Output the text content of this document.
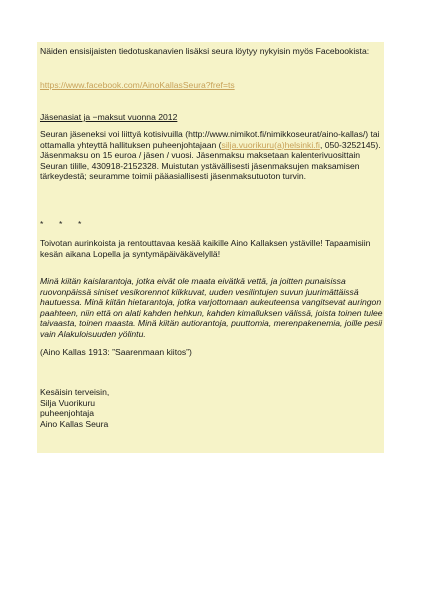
Näiden ensisijaisten tiedotuskanavien lisäksi seura löytyy nykyisin myös Facebookista:

https://www.facebook.com/AinoKallasSeura?fref=ts

Jäsenasiat ja −maksut vuonna 2012

Seuran jäseneksi voi liittyä kotisivuilla (http://www.nimikot.fi/nimikkoseurat/aino-kallas/) tai ottamalla yhteyttä hallituksen puheenjohtajaan (silja.vuorikuru(a)helsinki.fi, 050-3252145). Jäsenmaksu on 15 euroa / jäsen / vuosi. Jäsenmaksu maksetaan kalenterivuosittain Seuran tilille, 430918-2152328. Muistutan ystävällisesti jäsenmaksujen maksamisen tärkeydestä; seuramme toimii pääasiallisesti jäsenmaksutuoton turvin.

* * *

Toivotan aurinkoista ja rentouttavaa kesää kaikille Aino Kallaksen ystäville! Tapaamisiin kesän aikana Lopella ja syntymäpäiväkävelyllä!

Minä kiitän kaislarantoja, jotka eivät ole maata eivätkä vettä, ja joitten punaisissa ruovonpäissä siniset vesikorennot kiikkuvat, uuden vesilintujen suvun juurimättäissä hautuessa. Minä kiitän hietarantoja, jotka varjottomaan aukeuteensa vangitsevat auringon paahteen, niin että on alati kahden hehkun, kahden kimalluksen välissä, joista toinen tulee taivaasta, toinen maasta. Minä kiitän autiorantoja, puuttomia, merenpakenemia, joille pesii vain Alakuloisuuden yölintu.

(Aino Kallas 1913: ”Saarenmaan kiitos”)

Kesäisin terveisin,
Silja Vuorikuru
puheenjohtaja
Aino Kallas Seura
